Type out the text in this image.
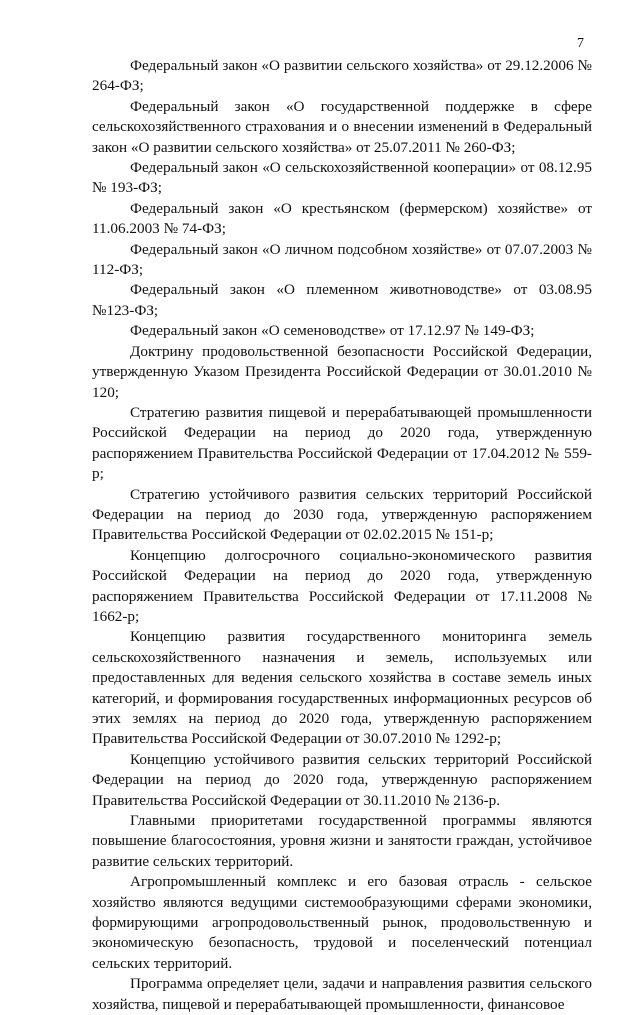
7

Федеральный закон «О развитии сельского хозяйства» от 29.12.2006 № 264-ФЗ;

Федеральный закон «О государственной поддержке в сфере сельскохозяйственного страхования и о внесении изменений в Федеральный закон «О развитии сельского хозяйства» от 25.07.2011 № 260-ФЗ;

Федеральный закон «О сельскохозяйственной кооперации» от 08.12.95 № 193-ФЗ;

Федеральный закон «О крестьянском (фермерском) хозяйстве» от 11.06.2003 № 74-ФЗ;

Федеральный закон «О личном подсобном хозяйстве» от 07.07.2003 № 112-ФЗ;

Федеральный закон «О племенном животноводстве» от 03.08.95 №123-ФЗ;

Федеральный закон «О семеноводстве» от 17.12.97 № 149-ФЗ;

Доктрину продовольственной безопасности Российской Федерации, утвержденную Указом Президента Российской Федерации от 30.01.2010 № 120;

Стратегию развития пищевой и перерабатывающей промышленности Российской Федерации на период до 2020 года, утвержденную распоряжением Правительства Российской Федерации от 17.04.2012 № 559-р;

Стратегию устойчивого развития сельских территорий Российской Федерации на период до 2030 года, утвержденную распоряжением Правительства Российской Федерации от 02.02.2015 № 151-р;

Концепцию долгосрочного социально-экономического развития Российской Федерации на период до 2020 года, утвержденную распоряжением Правительства Российской Федерации от 17.11.2008 № 1662-р;

Концепцию развития государственного мониторинга земель сельскохозяйственного назначения и земель, используемых или предоставленных для ведения сельского хозяйства в составе земель иных категорий, и формирования государственных информационных ресурсов об этих землях на период до 2020 года, утвержденную распоряжением Правительства Российской Федерации от 30.07.2010 № 1292-р;

Концепцию устойчивого развития сельских территорий Российской Федерации на период до 2020 года, утвержденную распоряжением Правительства Российской Федерации от 30.11.2010 № 2136-р.

Главными приоритетами государственной программы являются повышение благосостояния, уровня жизни и занятости граждан, устойчивое развитие сельских территорий.

Агропромышленный комплекс и его базовая отрасль - сельское хозяйство являются ведущими системообразующими сферами экономики, формирующими агропродовольственный рынок, продовольственную и экономическую безопасность, трудовой и поселенческий потенциал сельских территорий.

Программа определяет цели, задачи и направления развития сельского хозяйства, пищевой и перерабатывающей промышленности, финансовое
